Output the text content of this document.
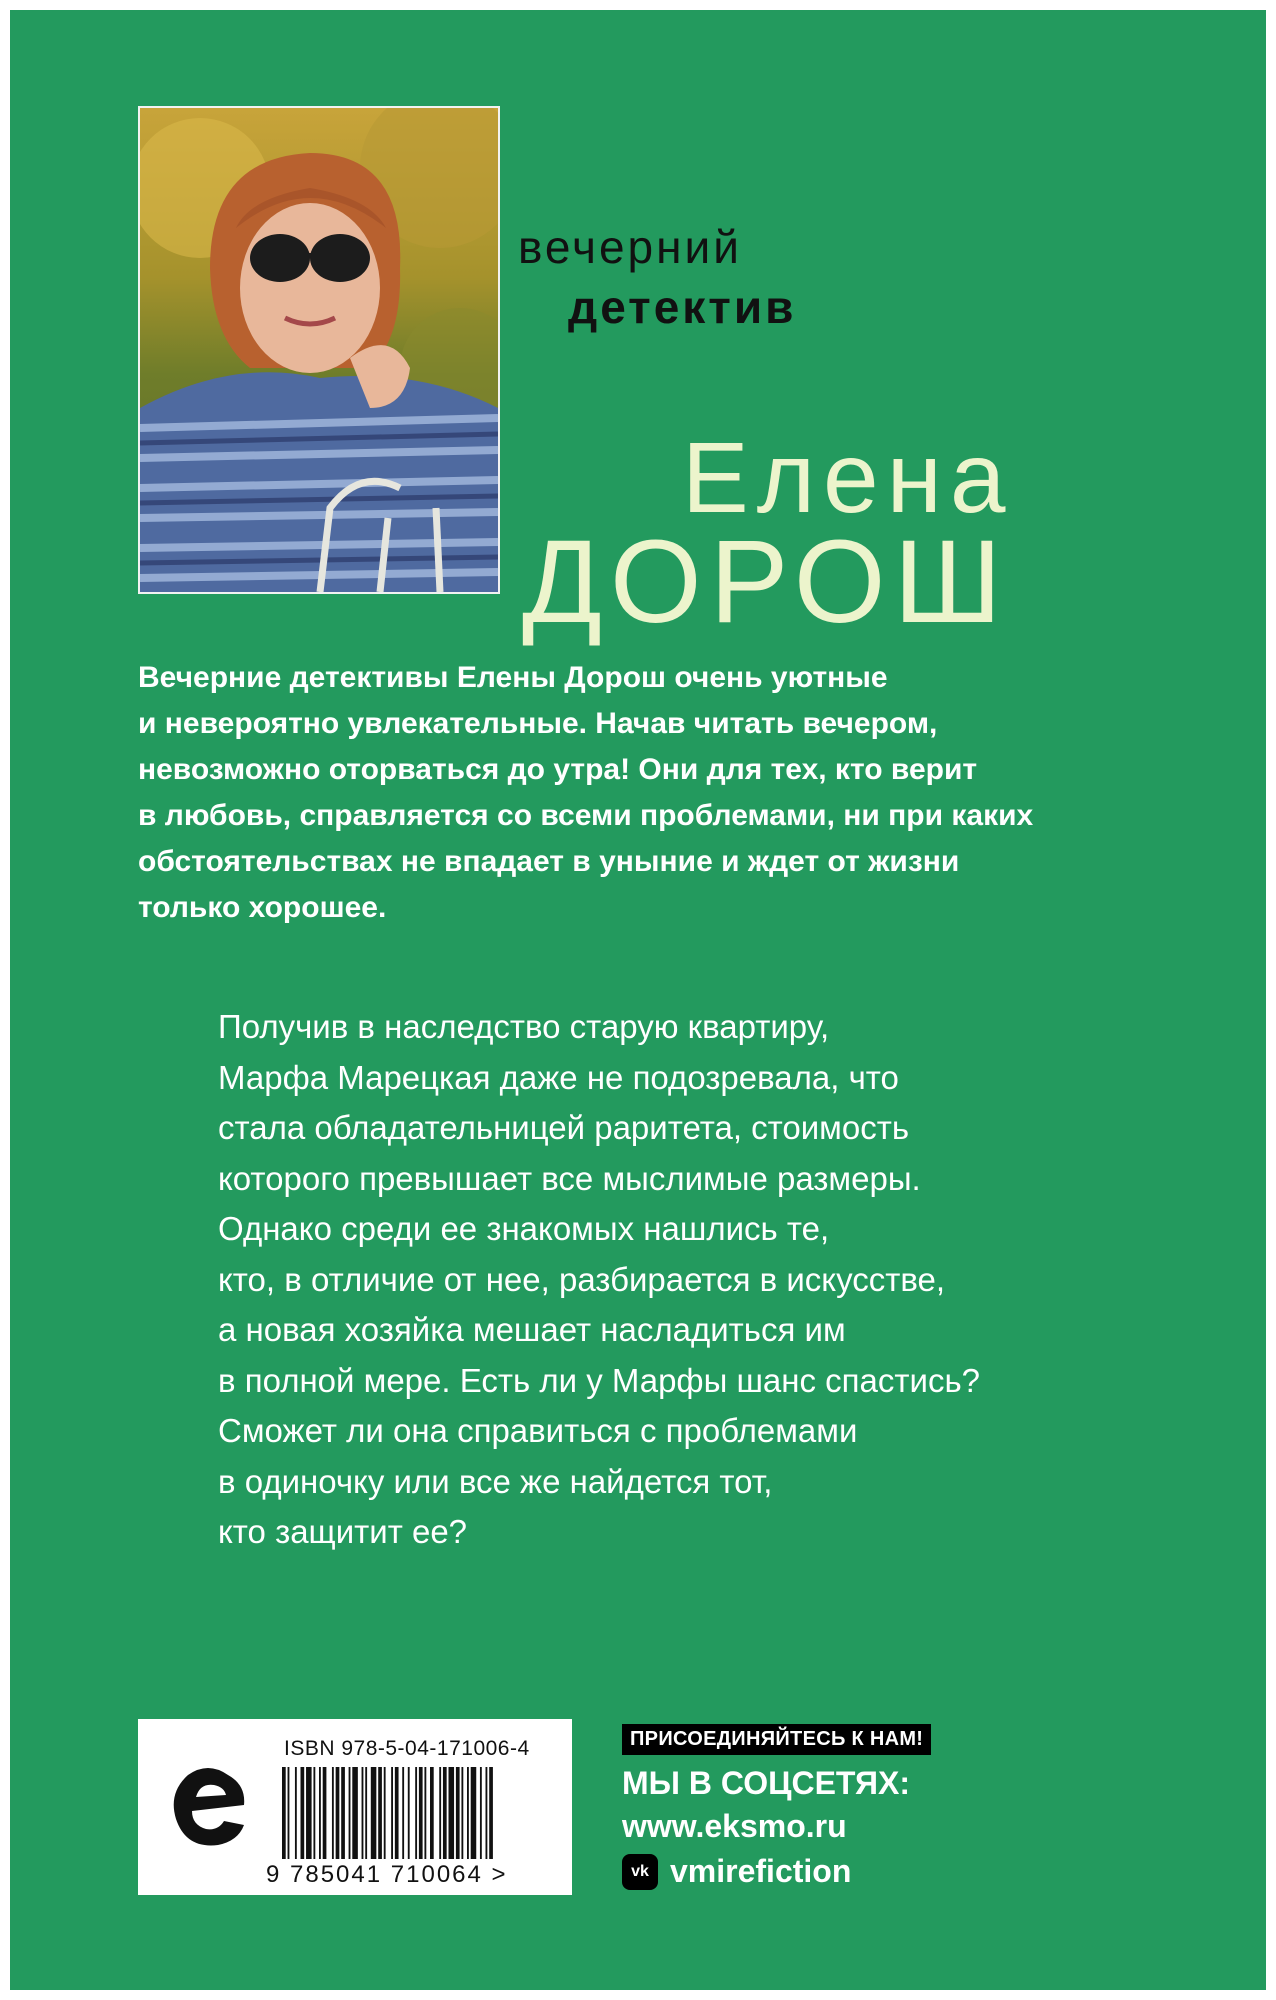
вечерний
детектив
Елена
ДОРОШ
Вечерние детективы Елены Дорош очень уютные
и невероятно увлекательные. Начав читать вечером,
невозможно оторваться до утра! Они для тех, кто верит
в любовь, справляется со всеми проблемами, ни при каких
обстоятельствах не впадает в уныние и ждет от жизни
только хорошее.
Получив в наследство старую квартиру,
Марфа Марецкая даже не подозревала, что
стала обладательницей раритета, стоимость
которого превышает все мыслимые размеры.
Однако среди ее знакомых нашлись те,
кто, в отличие от нее, разбирается в искусстве,
а новая хозяйка мешает насладиться им
в полной мере. Есть ли у Марфы шанс спастись?
Сможет ли она справиться с проблемами
в одиночку или все же найдется тот,
кто защитит ее?
ISBN 978-5-04-171006-4
9 785041 710064 >
ПРИСОЕДИНЯЙТЕСЬ К НАМ!
МЫ В СОЦСЕТЯХ:
www.eksmo.ru
vk vmirefiction
